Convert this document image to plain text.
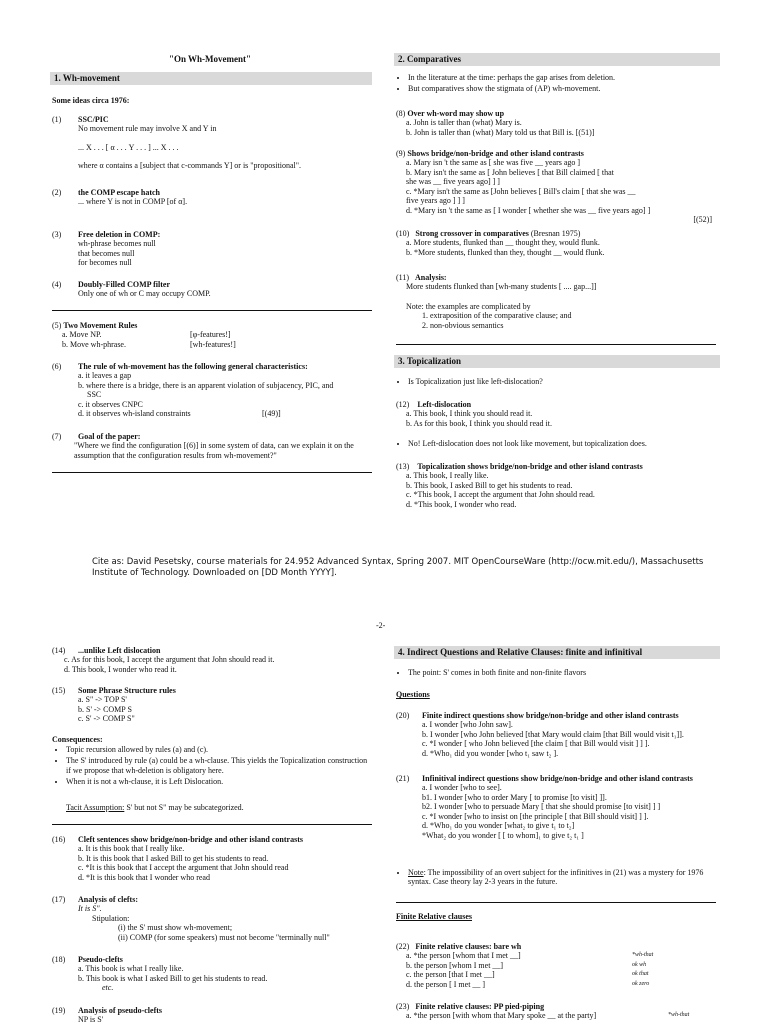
"On Wh-Movement"
1. Wh-movement
Some ideas circa 1976:
(1) SSC/PIC
No movement rule may involve X and Y in
... X . . . [ α . . . Y . . . ] ... X . . .
where α contains a [subject that c-commands Y] or is "propositional".
(2) the COMP escape hatch
... where Y is not in COMP [of α].
(3) Free deletion in COMP:
wh-phrase becomes null
that becomes null
for becomes null
(4) Doubly-Filled COMP filter
Only one of wh or C may occupy COMP.
(5) Two Movement Rules
a. Move NP.	[φ-features!]
b. Move wh-phrase.	[wh-features!]
(6) The rule of wh-movement has the following general characteristics:
a. it leaves a gap
b. where there is a bridge, there is an apparent violation of subjacency, PIC, and
SSC
c. it observes CNPC
d. it observes wh-island constraints	[(49)]
(7) Goal of the paper:
"Where we find the configuration [(6)] in some system of data, can we explain it on the assumption that the configuration results from wh-movement?"
2. Comparatives
• In the literature at the time: perhaps the gap arises from deletion.
• But comparatives show the stigmata of (AP) wh-movement.
(8) Over wh-word may show up
a. John is taller than (what) Mary is.
b. John is taller than (what) Mary told us that Bill is. [(51)]
(9) Shows bridge/non-bridge and other island contrasts
a. Mary isn 't the same as [ she was five __ years ago ]
b. Mary isn't the same as [ John believes [ that Bill claimed [ that
she was __ five years ago] ] ]
c. *Mary isn't the same as [John believes [ Bill's claim [ that she was __
five years ago ] ] ]
d. *Mary isn 't the same as [ I wonder [ whether she was __ five years ago] ]
[(52)]
(10) Strong crossover in comparatives (Bresnan 1975)
a. More students, flunked than __ thought they, would flunk.
b. *More students, flunked than they, thought __ would flunk.
(11) Analysis:
More students flunked than [wh-many students [ .... gap...]]
Note: the examples are complicated by
1. extraposition of the comparative clause; and
2. non-obvious semantics
3. Topicalization
• Is Topicalization just like left-dislocation?
(12) Left-dislocation
a. This book, I think you should read it.
b. As for this book, I think you should read it.
• No! Left-dislocation does not look like movement, but topicalization does.
(13) Topicalization shows bridge/non-bridge and other island contrasts
a. This book, I really like.
b. This book, I asked Bill to get his students to read.
c. *This book, I accept the argument that John should read.
d. *This book, I wonder who read.
Cite as: David Pesetsky, course materials for 24.952 Advanced Syntax, Spring 2007. MIT OpenCourseWare (http://ocw.mit.edu/), Massachusetts Institute of Technology. Downloaded on [DD Month YYYY].
-2-
(14) ...unlike Left dislocation
c. As for this book, I accept the argument that John should read it.
d. This book, I wonder who read it.
(15) Some Phrase Structure rules
a. S" -> TOP S'
b. S' -> COMP S
c. S' -> COMP S"
Consequences:
• Topic recursion allowed by rules (a) and (c).
• The S' introduced by rule (a) could be a wh-clause. This yields the Topicalization construction if we propose that wh-deletion is obligatory here.
• When it is not a wh-clause, it is Left Dislocation.
Tacit Assumption: S' but not S" may be subcategorized.
(16) Cleft sentences show bridge/non-bridge and other island contrasts
a. It is this book that I really like.
b. It is this book that I asked Bill to get his students to read.
c. *It is this book that I accept the argument that John should read
d. *It is this book that I wonder who read
(17) Analysis of clefts:
It is S".
Stipulation:
(i) the S' must show wh-movement;
(ii) COMP (for some speakers) must not become "terminally null"
(18) Pseudo-clefts
a. This book is what I really like.
b. This book is what I asked Bill to get his students to read.
etc.
(19) Analysis of pseudo-clefts
NP is S'
4. Indirect Questions and Relative Clauses: finite and infinitival
• The point: S' comes in both finite and non-finite flavors
Questions
(20) Finite indirect questions show bridge/non-bridge and other island contrasts
a. I wonder [who John saw].
b. I wonder [who John believed [that Mary would claim [that Bill would visit t₁]].
c. *I wonder [ who John believed [the claim [ that Bill would visit ] ] ].
d. *Who₁ did you wonder [who t₁ saw t₂ ].
(21) Infinitival indirect questions show bridge/non-bridge and other island contrasts
a. I wonder [who to see].
b1. I wonder [who to order Mary [ to promise [to visit] ]].
b2. I wonder [who to persuade Mary [ that she should promise [to visit] ] ]
c. *I wonder [who to insist on [the principle [ that Bill should visit] ] ].
d. *Who₁ do you wonder [what₂ to give t₁ to t₂]
*What₂ do you wonder [ [ to whom]₁ to give t₂ t₁ ]
• Note: The impossibility of an overt subject for the infinitives in (21) was a mystery for 1976 syntax. Case theory lay 2-3 years in the future.
Finite Relative clauses
(22) Finite relative clauses: bare wh
a. *the person [whom that I met __]	*wh-that
b. the person [whom I met __]	ok wh
c. the person [that I met __]	ok that
d. the person [ I met __ ]	ok zero
(23) Finite relative clauses: PP pied-piping
a. *the person [with whom that Mary spoke __ at the party]	*wh-that
